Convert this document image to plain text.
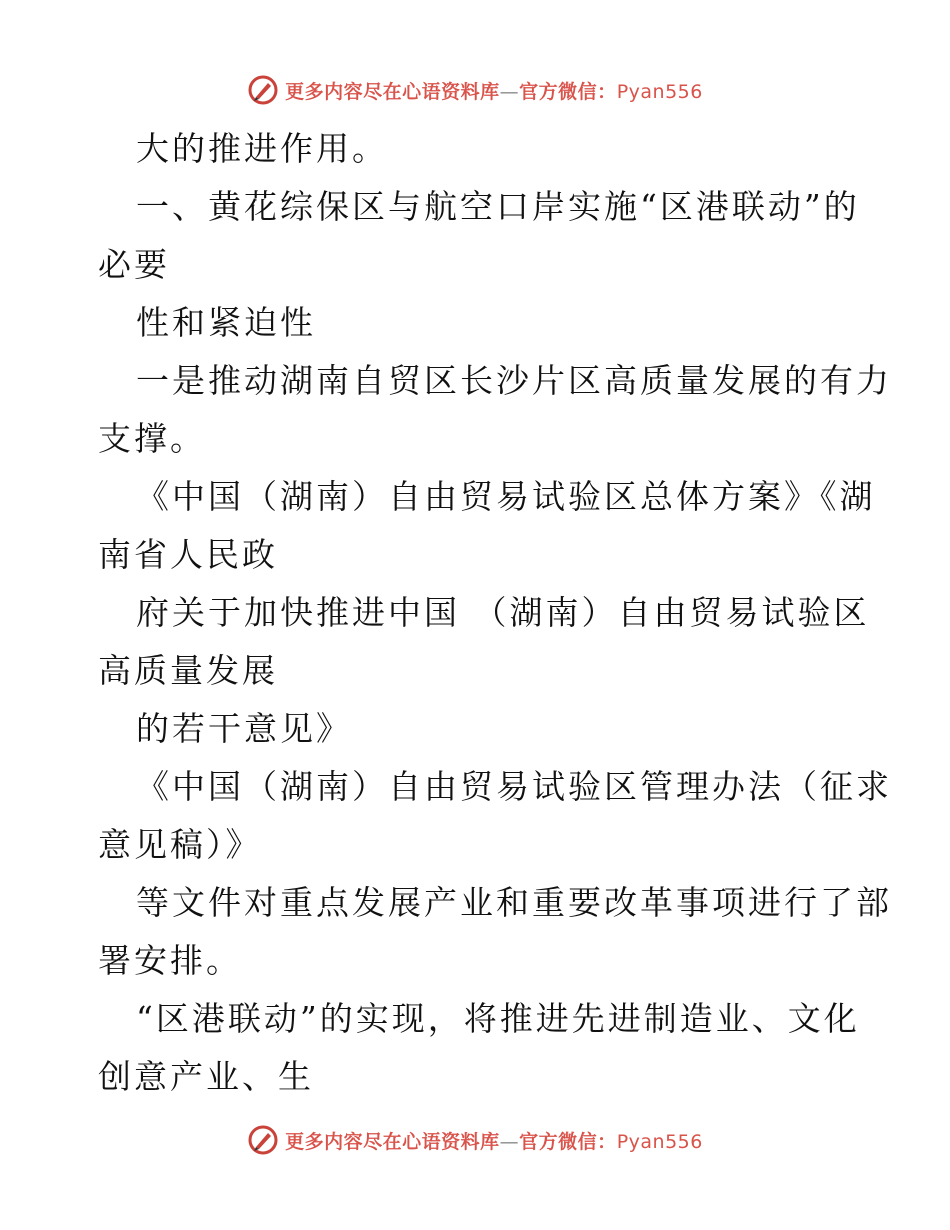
更多内容尽在心语资料库—官方微信：Pyan556
大的推进作用。
一、黄花综保区与航空口岸实施“区港联动”的
必要
性和紧迫性
一是推动湖南自贸区长沙片区高质量发展的有力
支撑。
《中国（湖南）自由贸易试验区总体方案》《湖
南省人民政
府关于加快推进中国 （湖南）自由贸易试验区
高质量发展
的若干意见》
《中国（湖南）自由贸易试验区管理办法（征求
意见稿）》
等文件对重点发展产业和重要改革事项进行了部
署安排。
“区港联动”的实现，将推进先进制造业、文化
创意产业、生
更多内容尽在心语资料库—官方微信：Pyan556
